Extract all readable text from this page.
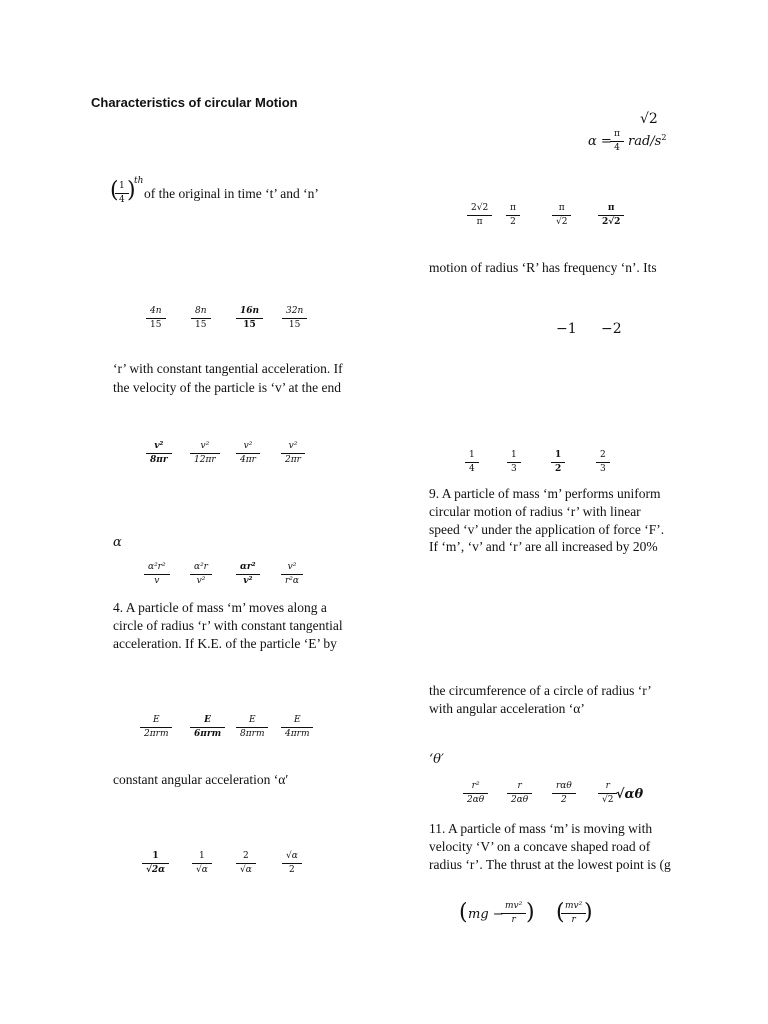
Characteristics of circular Motion
√2
$\alpha = \frac{\pi}{4} rad/s^2$
(
$\frac{1}{4}$ )
th
of the original in time ‘t’ and ‘n’
$\frac{2√2}{\pi} \frac{\pi}{2}$	$\frac{\pi}{√2}$	$\frac{\pi}{2√2}$
motion of radius ‘R’ has frequency ‘n’. Its
$\frac{4n}{15}$	$\frac{8n}{15}$	$\frac{16n}{15}$	$\frac{32n}{15}$	−1 −2
‘r’ with constant tangential acceleration. If
the velocity of the particle is ‘v’ at the end
$\frac{\text{v²}}{8\pi r} \frac{\text{v²}}{12\pi r} \frac{\text{v²}}{4\pi r}$	$\frac{\text{v²}}{2\pi r}$	$\frac{1}{4}$	$\frac{1}{3}$	$\frac{1}{2}$	$\frac{2}{3}$
9. A particle of mass ‘m’ performs uniform
circular motion of radius ‘r’ with linear
speed ‘v’ under the application of force ‘F’.
If ‘m’, ‘v’ and ‘r’ are all increased by 20%
α
$\frac{\text{α²r²}}{v}$	$\frac{\text{α²r}}{\text{v²}}$	$\frac{\text{αr²}}{\text{v²}}$	$\frac{\text{v²}}{\text{r²α}}$
4. A particle of mass ‘m’ moves along a
circle of radius ‘r’ with constant tangential
acceleration. If K.E. of the particle ‘E’ by
the circumference of a circle of radius ‘r’
with angular acceleration ‘α’
E
2πrm
E
6πrm
E
8πrm
E
4πrm
‘θ′
constant angular acceleration ‘α′
$\frac{\text{r²}}{2\alpha\theta}$	$\frac{r}{2\alpha\theta}$	rαθ
2	$\frac{r}{√2} √\alpha\theta$
11. A particle of mass ‘m’ is moving with
velocity ‘V’ on a concave shaped road of
radius ‘r’. The thrust at the lowest point is (g
$\frac{1}{√2\alpha}$	$\frac{1}{√\alpha}$	$\frac{2}{√\alpha}$	$\frac{√\alpha}{2}$
( mg − $\frac{\text{mv²}}{r}$ ) (
$\frac{\text{mv²}}{r}$ )
